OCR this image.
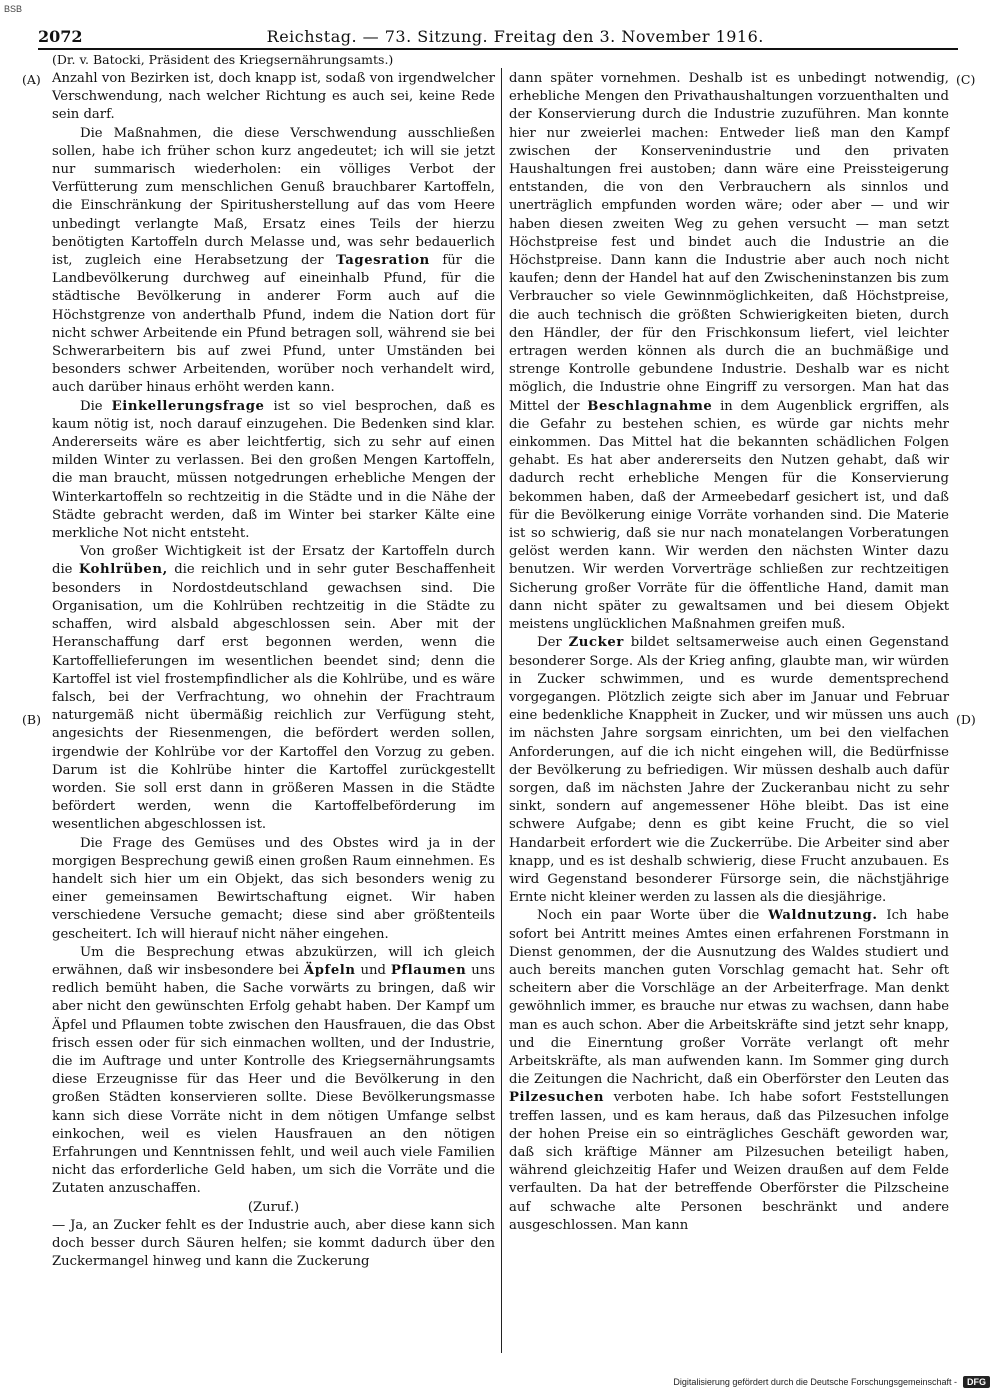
BSB
2072	Reichstag. — 73. Sitzung. Freitag den 3. November 1916.
(Dr. v. Batocki, Präsident des Kriegsernährungsamts.)
(A)
(B)
(C)
(D)

Anzahl von Bezirken ist, doch knapp ist, sodaß von irgendwelcher Verschwendung, nach welcher Richtung es auch sei, keine Rede sein darf.

Die Maßnahmen, die diese Verschwendung ausschließen sollen, habe ich früher schon kurz angedeutet; ich will sie jetzt nur summarisch wiederholen: ein völliges Verbot der Verfütterung zum menschlichen Genuß brauchbarer Kartoffeln, die Einschränkung der Spiritusherstellung auf das vom Heere unbedingt verlangte Maß, Ersatz eines Teils der hierzu benötigten Kartoffeln durch Melasse und, was sehr bedauerlich ist, zugleich eine Herabsetzung der Tagesration für die Landbevölkerung durchweg auf eineinhalb Pfund, für die städtische Bevölkerung in anderer Form auch auf die Höchstgrenze von anderthalb Pfund, indem die Nation dort für nicht schwer Arbeitende ein Pfund betragen soll, während sie bei Schwerarbeitern bis auf zwei Pfund, unter Umständen bei besonders schwer Arbeitenden, worüber noch verhandelt wird, auch darüber hinaus erhöht werden kann.

Die Einkellerungsfrage ist so viel besprochen, daß es kaum nötig ist, noch darauf einzugehen. Die Bedenken sind klar. Andererseits wäre es aber leichtfertig, sich zu sehr auf einen milden Winter zu verlassen. Bei den großen Mengen Kartoffeln, die man braucht, müssen notgedrungen erhebliche Mengen der Winterkartoffeln so rechtzeitig in die Städte und in die Nähe der Städte gebracht werden, daß im Winter bei starker Kälte eine merkliche Not nicht entsteht.

Von großer Wichtigkeit ist der Ersatz der Kartoffeln durch die Kohlrüben, die reichlich und in sehr guter Beschaffenheit besonders in Nordostdeutschland gewachsen sind. Die Organisation, um die Kohlrüben rechtzeitig in die Städte zu schaffen, wird alsbald abgeschlossen sein. Aber mit der Heranschaffung darf erst begonnen werden, wenn die Kartoffellieferungen im wesentlichen beendet sind; denn die Kartoffel ist viel frostempfindlicher als die Kohlrübe, und es wäre falsch, bei der Verfrachtung, wo ohnehin der Frachtraum naturgemäß nicht übermäßig reichlich zur Verfügung steht, angesichts der Riesenmengen, die befördert werden sollen, irgendwie der Kohlrübe vor der Kartoffel den Vorzug zu geben. Darum ist die Kohlrübe hinter die Kartoffel zurückgestellt worden. Sie soll erst dann in größeren Massen in die Städte befördert werden, wenn die Kartoffelbeförderung im wesentlichen abgeschlossen ist.

Die Frage des Gemüses und des Obstes wird ja in der morgigen Besprechung gewiß einen großen Raum einnehmen. Es handelt sich hier um ein Objekt, das sich besonders wenig zu einer gemeinsamen Bewirtschaftung eignet. Wir haben verschiedene Versuche gemacht; diese sind aber größtenteils gescheitert. Ich will hierauf nicht näher eingehen.

Um die Besprechung etwas abzukürzen, will ich gleich erwähnen, daß wir insbesondere bei Äpfeln und Pflaumen uns redlich bemüht haben, die Sache vorwärts zu bringen, daß wir aber nicht den gewünschten Erfolg gehabt haben. Der Kampf um Äpfel und Pflaumen tobte zwischen den Hausfrauen, die das Obst frisch essen oder für sich einmachen wollten, und der Industrie, die im Auftrage und unter Kontrolle des Kriegsernährungsamts diese Erzeugnisse für das Heer und die Bevölkerung in den großen Städten konservieren sollte. Diese Bevölkerungsmasse kann sich diese Vorräte nicht in dem nötigen Umfange selbst einkochen, weil es vielen Hausfrauen an den nötigen Erfahrungen und Kenntnissen fehlt, und weil auch viele Familien nicht das erforderliche Geld haben, um sich die Vorräte und die Zutaten anzuschaffen.

(Zuruf.)

— Ja, an Zucker fehlt es der Industrie auch, aber diese kann sich doch besser durch Säuren helfen; sie kommt dadurch über den Zuckermangel hinweg und kann die Zuckerung

dann später vornehmen. Deshalb ist es unbedingt notwendig, erhebliche Mengen den Privathaushaltungen vorzuenthalten und der Konservierung durch die Industrie zuzuführen. Man konnte hier nur zweierlei machen: Entweder ließ man den Kampf zwischen der Konservenindustrie und den privaten Haushaltungen frei austoben; dann wäre eine Preissteigerung entstanden, die von den Verbrauchern als sinnlos und unerträglich empfunden worden wäre; oder aber — und wir haben diesen zweiten Weg zu gehen versucht — man setzt Höchstpreise fest und bindet auch die Industrie an die Höchstpreise. Dann kann die Industrie aber auch noch nicht kaufen; denn der Handel hat auf den Zwischeninstanzen bis zum Verbraucher so viele Gewinnmöglichkeiten, daß Höchstpreise, die auch technisch die größten Schwierigkeiten bieten, durch den Händler, der für den Frischkonsum liefert, viel leichter ertragen werden können als durch die an buchmäßige und strenge Kontrolle gebundene Industrie. Deshalb war es nicht möglich, die Industrie ohne Eingriff zu versorgen. Man hat das Mittel der Beschlagnahme in dem Augenblick ergriffen, als die Gefahr zu bestehen schien, es würde gar nichts mehr einkommen. Das Mittel hat die bekannten schädlichen Folgen gehabt. Es hat aber andererseits den Nutzen gehabt, daß wir dadurch recht erhebliche Mengen für die Konservierung bekommen haben, daß der Armeebedarf gesichert ist, und daß für die Bevölkerung einige Vorräte vorhanden sind. Die Materie ist so schwierig, daß sie nur nach monatelangen Vorberatungen gelöst werden kann. Wir werden den nächsten Winter dazu benutzen. Wir werden Vorverträge schließen zur rechtzeitigen Sicherung großer Vorräte für die öffentliche Hand, damit man dann nicht später zu gewaltsamen und bei diesem Objekt meistens unglücklichen Maßnahmen greifen muß.

Der Zucker bildet seltsamerweise auch einen Gegenstand besonderer Sorge. Als der Krieg anfing, glaubte man, wir würden in Zucker schwimmen, und es wurde dementsprechend vorgegangen. Plötzlich zeigte sich aber im Januar und Februar eine bedenkliche Knappheit in Zucker, und wir müssen uns auch im nächsten Jahre sorgsam einrichten, um bei den vielfachen Anforderungen, auf die ich nicht eingehen will, die Bedürfnisse der Bevölkerung zu befriedigen. Wir müssen deshalb auch dafür sorgen, daß im nächsten Jahre der Zuckeranbau nicht zu sehr sinkt, sondern auf angemessener Höhe bleibt. Das ist eine schwere Aufgabe; denn es gibt keine Frucht, die so viel Handarbeit erfordert wie die Zuckerrübe. Die Arbeiter sind aber knapp, und es ist deshalb schwierig, diese Frucht anzubauen. Es wird Gegenstand besonderer Fürsorge sein, die nächstjährige Ernte nicht kleiner werden zu lassen als die diesjährige.

Noch ein paar Worte über die Waldnutzung. Ich habe sofort bei Antritt meines Amtes einen erfahrenen Forstmann in Dienst genommen, der die Ausnutzung des Waldes studiert und auch bereits manchen guten Vorschlag gemacht hat. Sehr oft scheitern aber die Vorschläge an der Arbeiterfrage. Man denkt gewöhnlich immer, es brauche nur etwas zu wachsen, dann habe man es auch schon. Aber die Arbeitskräfte sind jetzt sehr knapp, und die Einerntung großer Vorräte verlangt oft mehr Arbeitskräfte, als man aufwenden kann. Im Sommer ging durch die Zeitungen die Nachricht, daß ein Oberförster den Leuten das Pilzesuchen verboten habe. Ich habe sofort Feststellungen treffen lassen, und es kam heraus, daß das Pilzesuchen infolge der hohen Preise ein so einträgliches Geschäft geworden war, daß sich kräftige Männer am Pilzesuchen beteiligt haben, während gleichzeitig Hafer und Weizen draußen auf dem Felde verfaulten. Da hat der betreffende Oberförster die Pilzscheine auf schwache alte Personen beschränkt und andere ausgeschlossen. Man kann

Digitalisierung gefördert durch die Deutsche Forschungsgemeinschaft -	DFG
